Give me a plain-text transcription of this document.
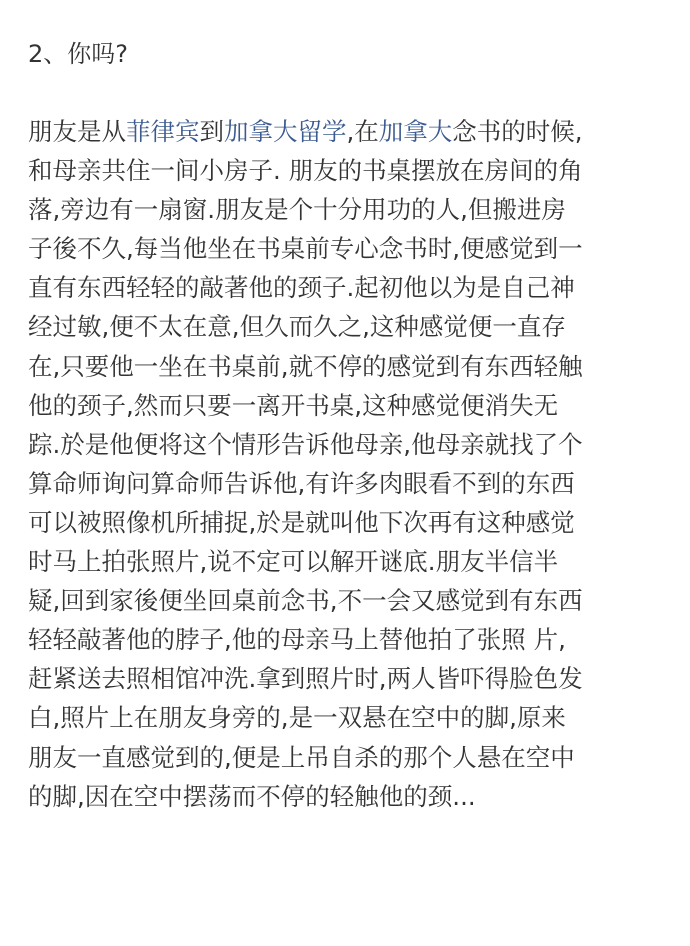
2、你吗?
朋友是从菲律宾到加拿大留学,在加拿大念书的时候,
和母亲共住一间小房子. 朋友的书桌摆放在房间的角
落,旁边有一扇窗.朋友是个十分用功的人,但搬进房
子後不久,每当他坐在书桌前专心念书时,便感觉到一
直有东西轻轻的敲著他的颈子.起初他以为是自己神
经过敏,便不太在意,但久而久之,这种感觉便一直存
在,只要他一坐在书桌前,就不停的感觉到有东西轻触
他的颈子,然而只要一离开书桌,这种感觉便消失无
踪.於是他便将这个情形告诉他母亲,他母亲就找了个
算命师询问算命师告诉他,有许多肉眼看不到的东西
可以被照像机所捕捉,於是就叫他下次再有这种感觉
时马上拍张照片,说不定可以解开谜底.朋友半信半
疑,回到家後便坐回桌前念书,不一会又感觉到有东西
轻轻敲著他的脖子,他的母亲马上替他拍了张照 片,
赶紧送去照相馆冲洗.拿到照片时,两人皆吓得脸色发
白,照片上在朋友身旁的,是一双悬在空中的脚,原来
朋友一直感觉到的,便是上吊自杀的那个人悬在空中
的脚,因在空中摆荡而不停的轻触他的颈...
